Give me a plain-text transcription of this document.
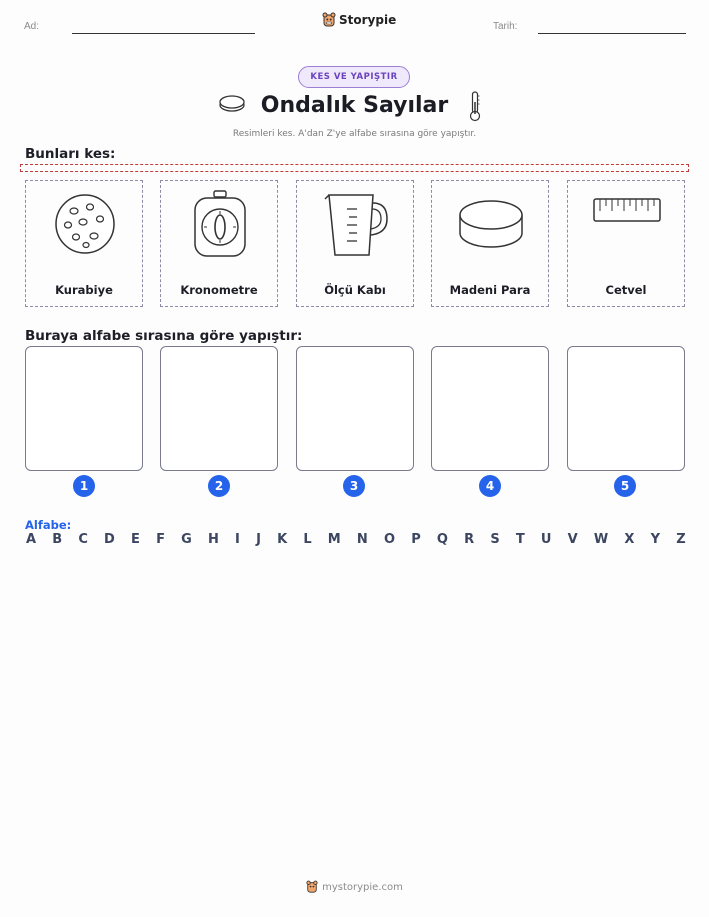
Ad:	Storypie	Tarih:
KES VE YAPIŞTIR
Ondalık Sayılar
Resimleri kes. A'dan Z'ye alfabe sırasına göre yapıştır.
Bunları kes:
Kurabiye	Kronometre	Ölçü Kabı	Madeni Para	Cetvel
Buraya alfabe sırasına göre yapıştır:
1	2	3	4	5
Alfabe:
A B C D E F G H I J K L M N O P Q R S T U V W X Y Z
mystorypie.com
